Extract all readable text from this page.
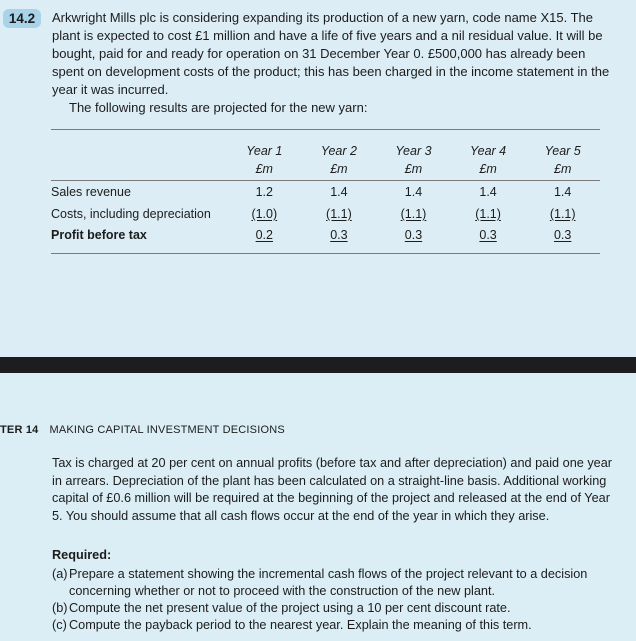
14.2	Arkwright Mills plc is considering expanding its production of a new yarn, code name X15. The plant is expected to cost £1 million and have a life of five years and a nil residual value. It will be bought, paid for and ready for operation on 31 December Year 0. £500,000 has already been spent on development costs of the product; this has been charged in the income statement in the year it was incurred.

The following results are projected for the new yarn:

	Year 1	Year 2	Year 3	Year 4	Year 5
	£m	£m	£m	£m	£m
Sales revenue	1.2	1.4	1.4	1.4	1.4
Costs, including depreciation	(1.0)	(1.1)	(1.1)	(1.1)	(1.1)
Profit before tax	0.2	0.3	0.3	0.3	0.3
TER 14 MAKING CAPITAL INVESTMENT DECISIONS

Tax is charged at 20 per cent on annual profits (before tax and after depreciation) and paid one year in arrears. Depreciation of the plant has been calculated on a straight-line basis. Additional working capital of £0.6 million will be required at the beginning of the project and released at the end of Year 5. You should assume that all cash flows occur at the end of the year in which they arise.

Required:
(a) Prepare a statement showing the incremental cash flows of the project relevant to a decision concerning whether or not to proceed with the construction of the new plant.
(b) Compute the net present value of the project using a 10 per cent discount rate.
(c) Compute the payback period to the nearest year. Explain the meaning of this term.
